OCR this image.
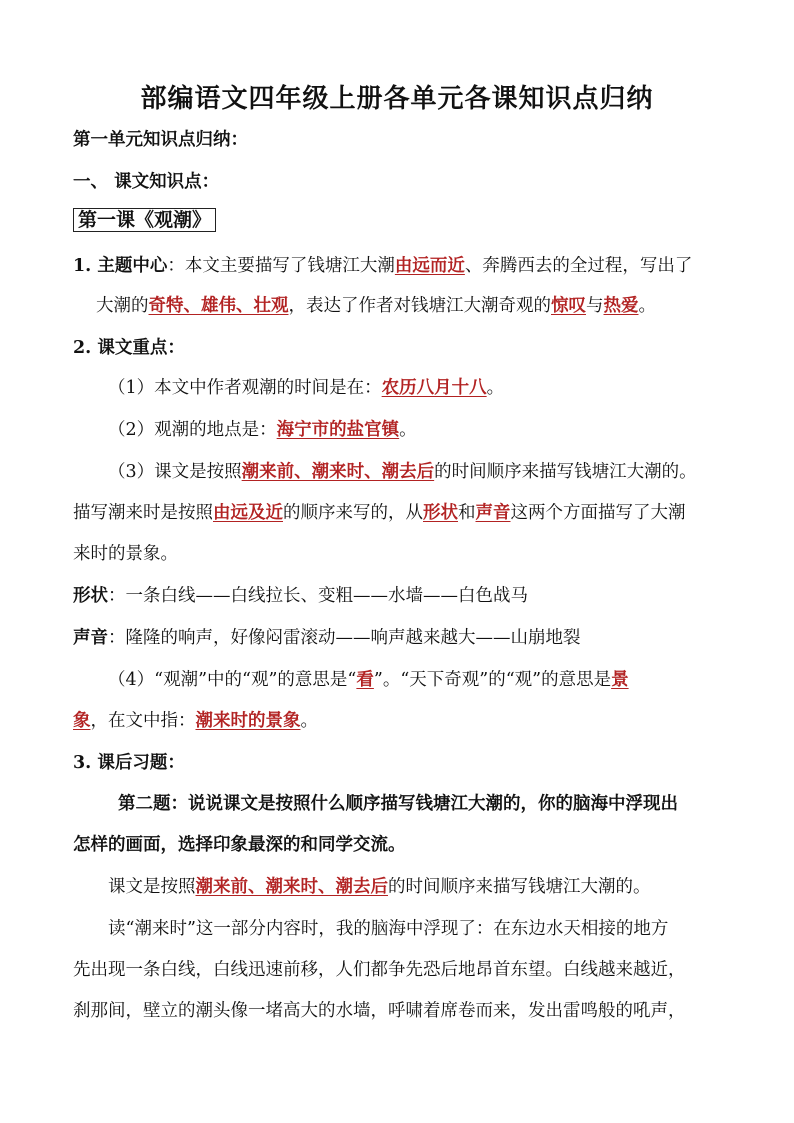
部编语文四年级上册各单元各课知识点归纳
第一单元知识点归纳：
一、 课文知识点：
第一课《观潮》
1. 主题中心：本文主要描写了钱塘江大潮由远而近、奔腾西去的全过程，写出了
大潮的奇特、雄伟、壮观，表达了作者对钱塘江大潮奇观的惊叹与热爱。
2. 课文重点：
（1）本文中作者观潮的时间是在：农历八月十八。
（2）观潮的地点是：海宁市的盐官镇。
（3）课文是按照潮来前、潮来时、潮去后的时间顺序来描写钱塘江大潮的。
描写潮来时是按照由远及近的顺序来写的，从形状和声音这两个方面描写了大潮
来时的景象。
形状：一条白线——白线拉长、变粗——水墙——白色战马
声音：隆隆的响声，好像闷雷滚动——响声越来越大——山崩地裂
（4）“观潮”中的“观”的意思是“看”。“天下奇观”的“观”的意思是景
象，在文中指：潮来时的景象。
3. 课后习题：
第二题：说说课文是按照什么顺序描写钱塘江大潮的，你的脑海中浮现出
怎样的画面，选择印象最深的和同学交流。
课文是按照潮来前、潮来时、潮去后的时间顺序来描写钱塘江大潮的。
读“潮来时”这一部分内容时，我的脑海中浮现了：在东边水天相接的地方
先出现一条白线，白线迅速前移，人们都争先恐后地昂首东望。白线越来越近，
刹那间，壁立的潮头像一堵高大的水墙，呼啸着席卷而来，发出雷鸣般的吼声，
